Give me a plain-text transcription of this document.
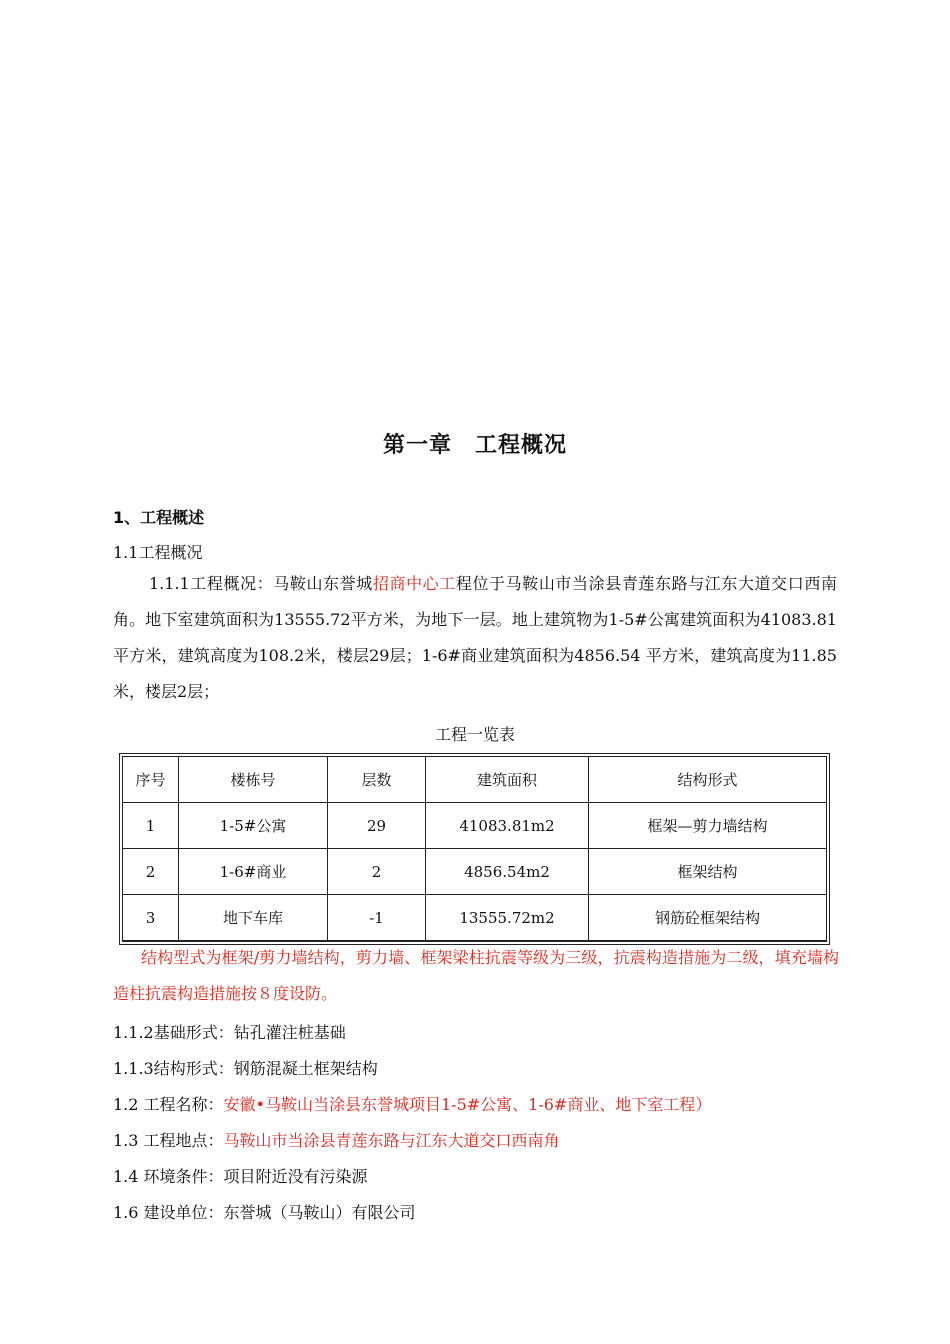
第一章　工程概况
1、工程概述
1.1工程概况
1.1.1工程概况：马鞍山东誉城招商中心工程位于马鞍山市当涂县青莲东路与江东大道交口西南角。地下室建筑面积为13555.72平方米，为地下一层。地上建筑物为1-5#公寓建筑面积为41083.81平方米，建筑高度为108.2米，楼层29层；1-6#商业建筑面积为4856.54 平方米，建筑高度为11.85米，楼层2层；
工程一览表
序号	楼栋号	层数	建筑面积	结构形式
1	1-5#公寓	29	41083.81m2	框架—剪力墙结构
2	1-6#商业	2	4856.54m2	框架结构
3	地下车库	-1	13555.72m2	钢筋砼框架结构

结构型式为框架/剪力墙结构，剪力墙、框架梁柱抗震等级为三级，抗震构造措施为二级，填充墙构造柱抗震构造措施按８度设防。
1.1.2基础形式：钻孔灌注桩基础
1.1.3结构形式：钢筋混凝土框架结构
1.2 工程名称：安徽•马鞍山当涂县东誉城项目1-5#公寓、1-6#商业、地下室工程）
1.3 工程地点：马鞍山市当涂县青莲东路与江东大道交口西南角
1.4 环境条件：项目附近没有污染源
1.6 建设单位：东誉城（马鞍山）有限公司
